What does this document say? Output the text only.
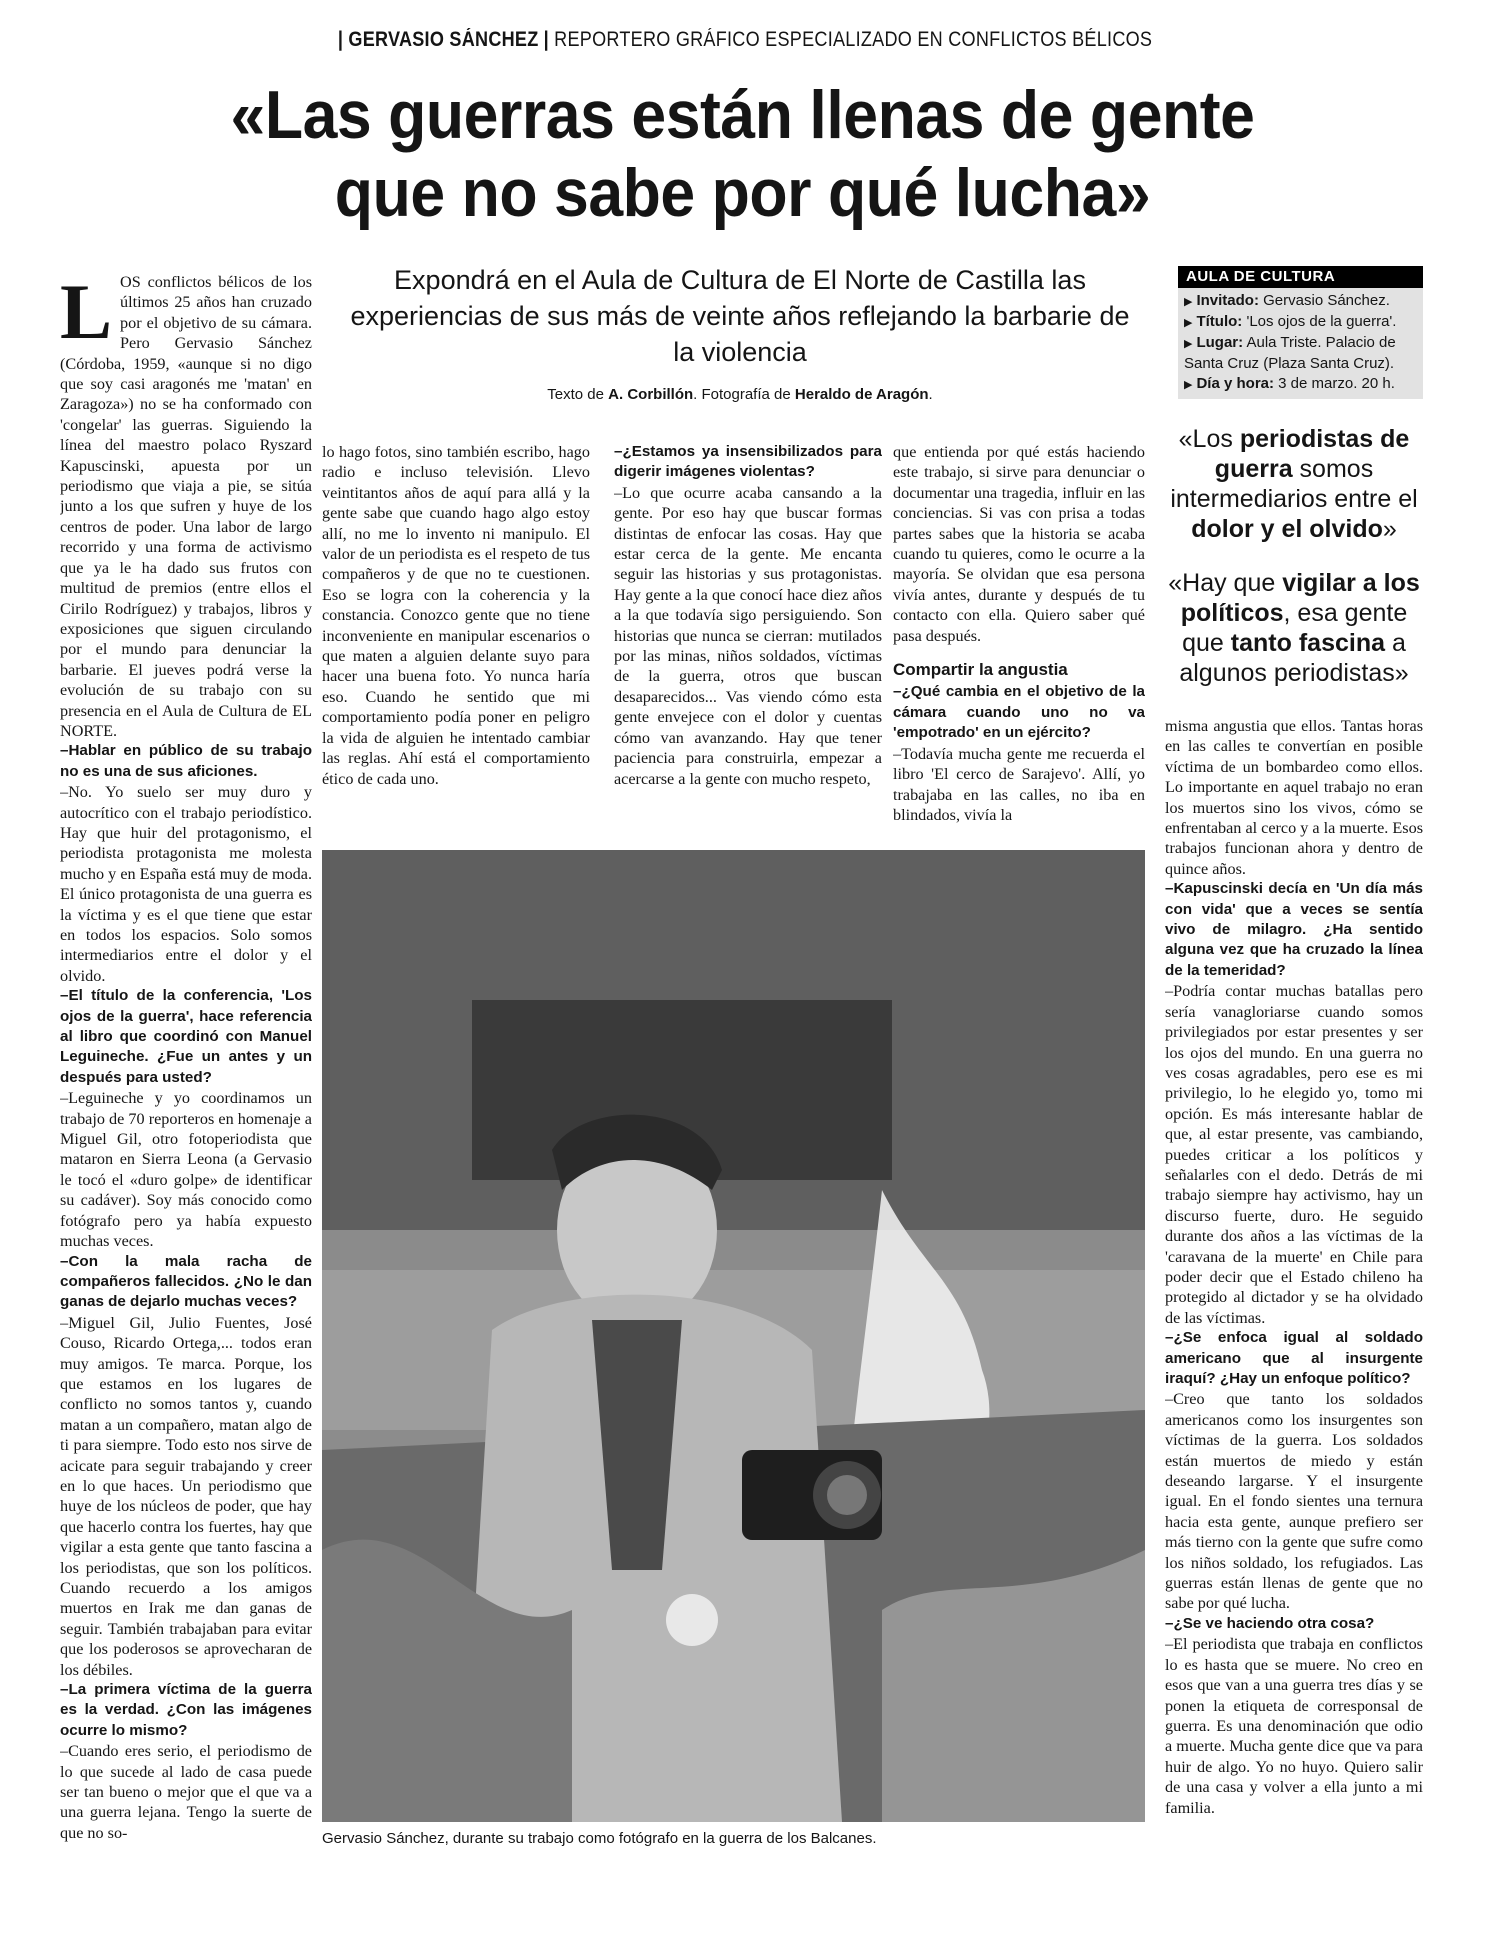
| GERVASIO SÁNCHEZ | REPORTERO GRÁFICO ESPECIALIZADO EN CONFLICTOS BÉLICOS
«Las guerras están llenas de gente
que no sabe por qué lucha»
Expondrá en el Aula de Cultura de El Norte de Castilla las experiencias de sus más de veinte años reflejando la barbarie de la violencia
Texto de A. Corbillón. Fotografía de Heraldo de Aragón.

LOS conflictos bélicos de los últimos 25 años han cruzado por el objetivo de su cámara. Pero Gervasio Sánchez (Córdoba, 1959, «aunque si no digo que soy casi aragonés me 'matan' en Zaragoza») no se ha conformado con 'congelar' las guerras. Siguiendo la línea del maestro polaco Ryszard Kapuscinski, apuesta por un periodismo que viaja a pie, se sitúa junto a los que sufren y huye de los centros de poder. Una labor de largo recorrido y una forma de activismo que ya le ha dado sus frutos con multitud de premios (entre ellos el Cirilo Rodríguez) y trabajos, libros y exposiciones que siguen circulando por el mundo para denunciar la barbarie. El jueves podrá verse la evolución de su trabajo con su presencia en el Aula de Cultura de EL NORTE.

–Hablar en público de su trabajo no es una de sus aficiones.

–No. Yo suelo ser muy duro y autocrítico con el trabajo periodístico. Hay que huir del protagonismo, el periodista protagonista me molesta mucho y en España está muy de moda. El único protagonista de una guerra es la víctima y es el que tiene que estar en todos los espacios. Solo somos intermediarios entre el dolor y el olvido.

–El título de la conferencia, 'Los ojos de la guerra', hace referencia al libro que coordinó con Manuel Leguineche. ¿Fue un antes y un después para usted?

–Leguineche y yo coordinamos un trabajo de 70 reporteros en homenaje a Miguel Gil, otro fotoperiodista que mataron en Sierra Leona (a Gervasio le tocó el «duro golpe» de identificar su cadáver). Soy más conocido como fotógrafo pero ya había expuesto muchas veces.

–Con la mala racha de compañeros fallecidos. ¿No le dan ganas de dejarlo muchas veces?

–Miguel Gil, Julio Fuentes, José Couso, Ricardo Ortega,... todos eran muy amigos. Te marca. Porque, los que estamos en los lugares de conflicto no somos tantos y, cuando matan a un compañero, matan algo de ti para siempre. Todo esto nos sirve de acicate para seguir trabajando y creer en lo que haces. Un periodismo que huye de los núcleos de poder, que hay que hacerlo contra los fuertes, hay que vigilar a esta gente que tanto fascina a los periodistas, que son los políticos. Cuando recuerdo a los amigos muertos en Irak me dan ganas de seguir. También trabajaban para evitar que los poderosos se aprovecharan de los débiles.

–La primera víctima de la guerra es la verdad. ¿Con las imágenes ocurre lo mismo?

–Cuando eres serio, el periodismo de lo que sucede al lado de casa puede ser tan bueno o mejor que el que va a una guerra lejana. Tengo la suerte de que no so-

lo hago fotos, sino también escribo, hago radio e incluso televisión. Llevo veintitantos años de aquí para allá y la gente sabe que cuando hago algo estoy allí, no me lo invento ni manipulo. El valor de un periodista es el respeto de tus compañeros y de que no te cuestionen. Eso se logra con la coherencia y la constancia. Conozco gente que no tiene inconveniente en manipular escenarios o que maten a alguien delante suyo para hacer una buena foto. Yo nunca haría eso. Cuando he sentido que mi comportamiento podía poner en peligro la vida de alguien he intentado cambiar las reglas. Ahí está el comportamiento ético de cada uno.

–¿Estamos ya insensibilizados para digerir imágenes violentas?

–Lo que ocurre acaba cansando a la gente. Por eso hay que buscar formas distintas de enfocar las cosas. Hay que estar cerca de la gente. Me encanta seguir las historias y sus protagonistas. Hay gente a la que conocí hace diez años a la que todavía sigo persiguiendo. Son historias que nunca se cierran: mutilados por las minas, niños soldados, víctimas de la guerra, otros que buscan desaparecidos... Vas viendo cómo esta gente envejece con el dolor y cuentas cómo van avanzando. Hay que tener paciencia para construirla, empezar a acercarse a la gente con mucho respeto,

que entienda por qué estás haciendo este trabajo, si sirve para denunciar o documentar una tragedia, influir en las conciencias. Si vas con prisa a todas partes sabes que la historia se acaba cuando tu quieres, como le ocurre a la mayoría. Se olvidan que esa persona vivía antes, durante y después de tu contacto con ella. Quiero saber qué pasa después.

Compartir la angustia

–¿Qué cambia en el objetivo de la cámara cuando uno no va 'empotrado' en un ejército?

–Todavía mucha gente me recuerda el libro 'El cerco de Sarajevo'. Allí, yo trabajaba en las calles, no iba en blindados, vivía la

misma angustia que ellos. Tantas horas en las calles te convertían en posible víctima de un bombardeo como ellos. Lo importante en aquel trabajo no eran los muertos sino los vivos, cómo se enfrentaban al cerco y a la muerte. Esos trabajos funcionan ahora y dentro de quince años.

–Kapuscinski decía en 'Un día más con vida' que a veces se sentía vivo de milagro. ¿Ha sentido alguna vez que ha cruzado la línea de la temeridad?

–Podría contar muchas batallas pero sería vanagloriarse cuando somos privilegiados por estar presentes y ser los ojos del mundo. En una guerra no ves cosas agradables, pero ese es mi privilegio, lo he elegido yo, tomo mi opción. Es más interesante hablar de que, al estar presente, vas cambiando, puedes criticar a los políticos y señalarles con el dedo. Detrás de mi trabajo siempre hay activismo, hay un discurso fuerte, duro. He seguido durante dos años a las víctimas de la 'caravana de la muerte' en Chile para poder decir que el Estado chileno ha protegido al dictador y se ha olvidado de las víctimas.

–¿Se enfoca igual al soldado americano que al insurgente iraquí? ¿Hay un enfoque político?

–Creo que tanto los soldados americanos como los insurgentes son víctimas de la guerra. Los soldados están muertos de miedo y están deseando largarse. Y el insurgente igual. En el fondo sientes una ternura hacia esta gente, aunque prefiero ser más tierno con la gente que sufre como los niños soldado, los refugiados. Las guerras están llenas de gente que no sabe por qué lucha.

–¿Se ve haciendo otra cosa?

–El periodista que trabaja en conflictos lo es hasta que se muere. No creo en esos que van a una guerra tres días y se ponen la etiqueta de corresponsal de guerra. Es una denominación que odio a muerte. Mucha gente dice que va para huir de algo. Yo no huyo. Quiero salir de una casa y volver a ella junto a mi familia.

AULA DE CULTURA
▶ Invitado: Gervasio Sánchez.
▶ Título: 'Los ojos de la guerra'.
▶ Lugar: Aula Triste. Palacio de Santa Cruz (Plaza Santa Cruz).
▶ Día y hora: 3 de marzo. 20 h.
«Los periodistas de guerra somos intermediarios entre el dolor y el olvido»
«Hay que vigilar a los políticos, esa gente que tanto fascina a algunos periodistas»
Gervasio Sánchez, durante su trabajo como fotógrafo en la guerra de los Balcanes.
